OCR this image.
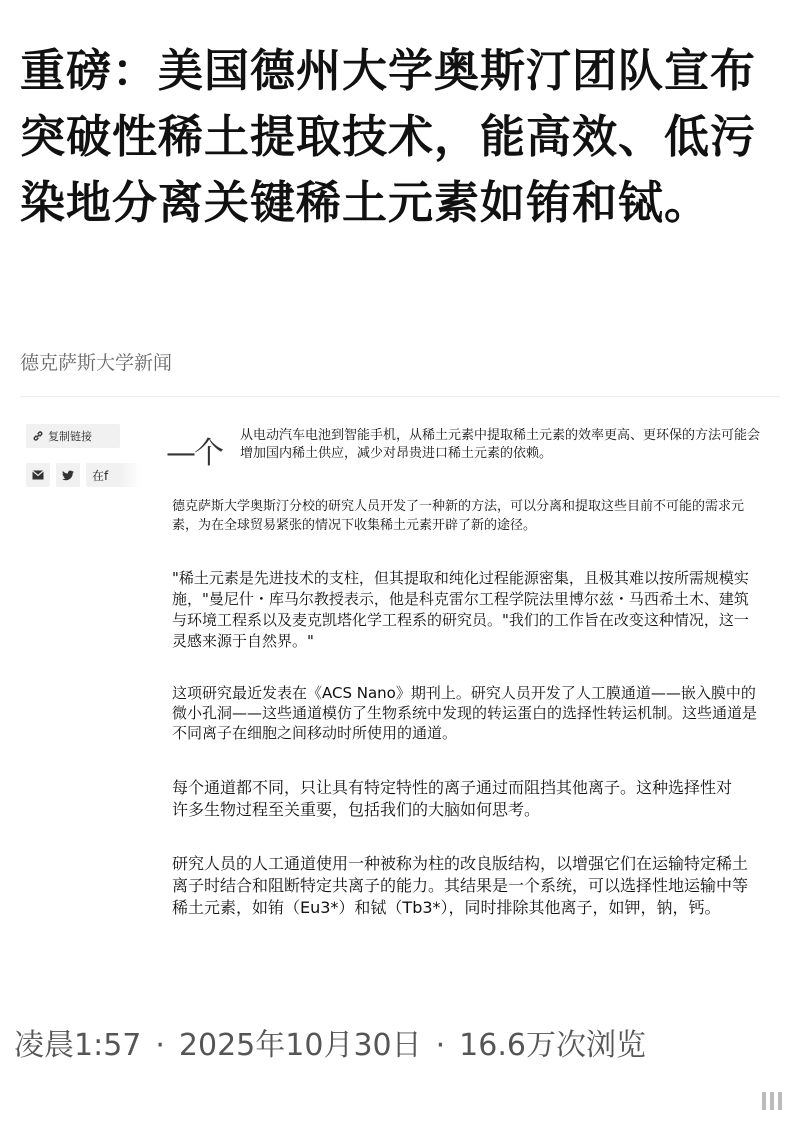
重磅：美国德州大学奥斯汀团队宣布突破性稀土提取技术，能高效、低污染地分离关键稀土元素如铕和铽。
德克萨斯大学新闻
复制链接
在f
—个

从电动汽车电池到智能手机，从稀土元素中提取稀土元素的效率更高、更环保的方法可能会增加国内稀土供应，减少对昂贵进口稀土元素的依赖。

德克萨斯大学奥斯汀分校的研究人员开发了一种新的方法，可以分离和提取这些目前不可能的需求元素，为在全球贸易紧张的情况下收集稀土元素开辟了新的途径。

"稀土元素是先进技术的支柱，但其提取和纯化过程能源密集，且极其难以按所需规模实施，"曼尼什・库马尔教授表示，他是科克雷尔工程学院法里博尔兹・马西希土木、建筑与环境工程系以及麦克凯塔化学工程系的研究员。"我们的工作旨在改变这种情况，这一灵感来源于自然界。"

这项研究最近发表在《ACS Nano》期刊上。研究人员开发了人工膜通道——嵌入膜中的微小孔洞——这些通道模仿了生物系统中发现的转运蛋白的选择性转运机制。这些通道是不同离子在细胞之间移动时所使用的通道。

每个通道都不同，只让具有特定特性的离子通过而阻挡其他离子。这种选择性对许多生物过程至关重要，包括我们的大脑如何思考。

研究人员的人工通道使用一种被称为柱的改良版结构，以增强它们在运输特定稀土离子时结合和阻断特定共离子的能力。其结果是一个系统，可以选择性地运输中等稀土元素，如铕（Eu3*）和铽（Tb3*），同时排除其他离子，如钾，钠，钙。

凌晨1:57 · 2025年10月30日 · 16.6万次浏览
